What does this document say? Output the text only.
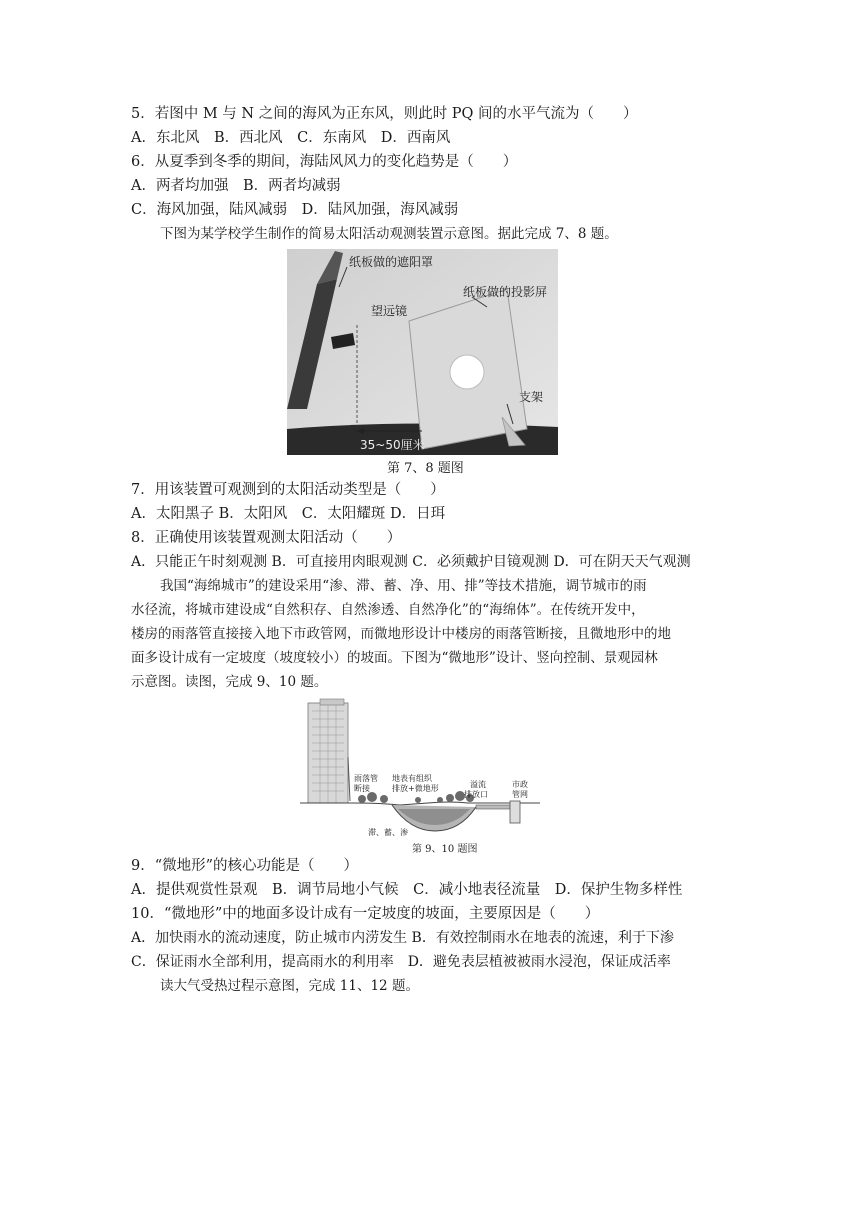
5．若图中 M 与 N 之间的海风为正东风，则此时 PQ 间的水平气流为（　　）
A．东北风　B．西北风　C．东南风　D．西南风
6．从夏季到冬季的期间，海陆风风力的变化趋势是（　　）
A．两者均加强　B．两者均减弱
C．海风加强，陆风减弱　D．陆风加强，海风减弱
下图为某学校学生制作的简易太阳活动观测装置示意图。据此完成 7、8 题。
纸板做的遮阳罩
纸板做的投影屏
望远镜
支架
35~50厘米
第 7、8 题图
7．用该装置可观测到的太阳活动类型是（　　）
A．太阳黑子 B．太阳风　C．太阳耀斑 D．日珥
8．正确使用该装置观测太阳活动（　　）
A．只能正午时刻观测 B．可直接用肉眼观测 C．必须戴护目镜观测 D．可在阴天天气观测
我国“海绵城市”的建设采用“渗、滞、蓄、净、用、排”等技术措施，调节城市的雨
水径流，将城市建设成“自然积存、自然渗透、自然净化”的“海绵体”。在传统开发中，
楼房的雨落管直接接入地下市政管网，而微地形设计中楼房的雨落管断接，且微地形中的地
面多设计成有一定坡度（坡度较小）的坡面。下图为“微地形”设计、竖向控制、景观园林
示意图。读图，完成 9、10 题。
雨落管
断接
地表有组织
排放+微地形	溢流
排放口
市政
管网
滞、蓄、渗
第 9、10 题图
9．“微地形”的核心功能是（　　）
A．提供观赏性景观　B．调节局地小气候　C．减小地表径流量　D．保护生物多样性
10．“微地形”中的地面多设计成有一定坡度的坡面，主要原因是（　　）
A．加快雨水的流动速度，防止城市内涝发生 B．有效控制雨水在地表的流速，利于下渗
C．保证雨水全部利用，提高雨水的利用率　D．避免表层植被被雨水浸泡，保证成活率
读大气受热过程示意图，完成 11、12 题。
